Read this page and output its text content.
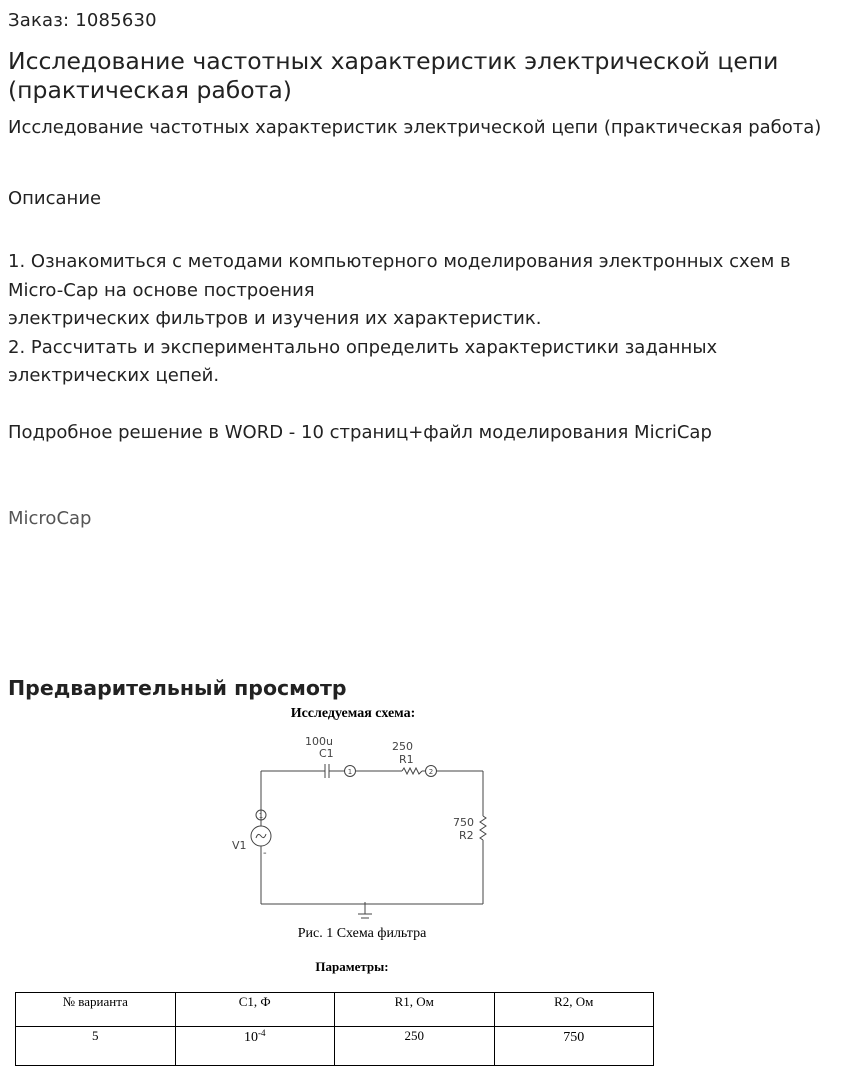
Заказ: 1085630
Исследование частотных характеристик электрической цепи (практическая работа)
Исследование частотных характеристик электрической цепи (практическая работа)
Описание

1. Ознакомиться с методами компьютерного моделирования электронных схем в Micro-Cap на основе построения

электрических фильтров и изучения их характеристик.

2. Рассчитать и экспериментально определить характеристики заданных электрических цепей.

Подробное решение в WORD - 10 страниц+файл моделирования MicriCap
MicroCap
Предварительный просмотр
Исследуемая схема:
100u
C1
250
R1
750
R2
V1
-
1	2
1
Рис. 1 Схема фильтра
Параметры:
№ варианта	C1, Ф	R1, Ом	R2, Ом
5	$10^{-4}$	250	750
